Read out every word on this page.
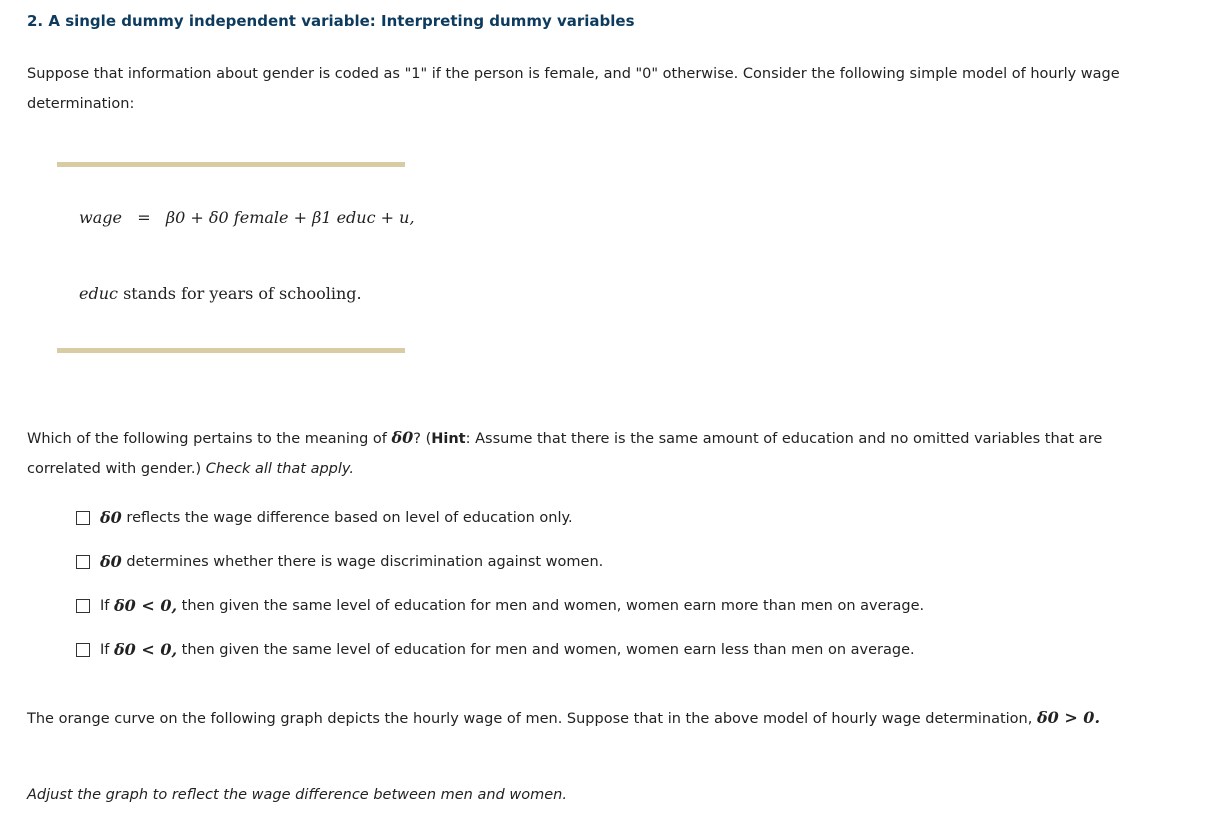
2. A single dummy independent variable: Interpreting dummy variables
Suppose that information about gender is coded as "1" if the person is female, and "0" otherwise. Consider the following simple model of hourly wage determination:
wage = β0 + δ0 female + β1 educ + u,
educ stands for years of schooling.
Which of the following pertains to the meaning of δ0? (Hint: Assume that there is the same amount of education and no omitted variables that are correlated with gender.) Check all that apply.
δ0
reflects the wage difference based on level of education only.
δ0
determines whether there is wage discrimination against women.
If
δ0 < 0,
then given the same level of education for men and women, women earn more than men on average.
If
δ0 < 0,
then given the same level of education for men and women, women earn less than men on average.
The orange curve on the following graph depicts the hourly wage of men. Suppose that in the above model of hourly wage determination, δ0 > 0.
Adjust the graph to reflect the wage difference between men and women.
